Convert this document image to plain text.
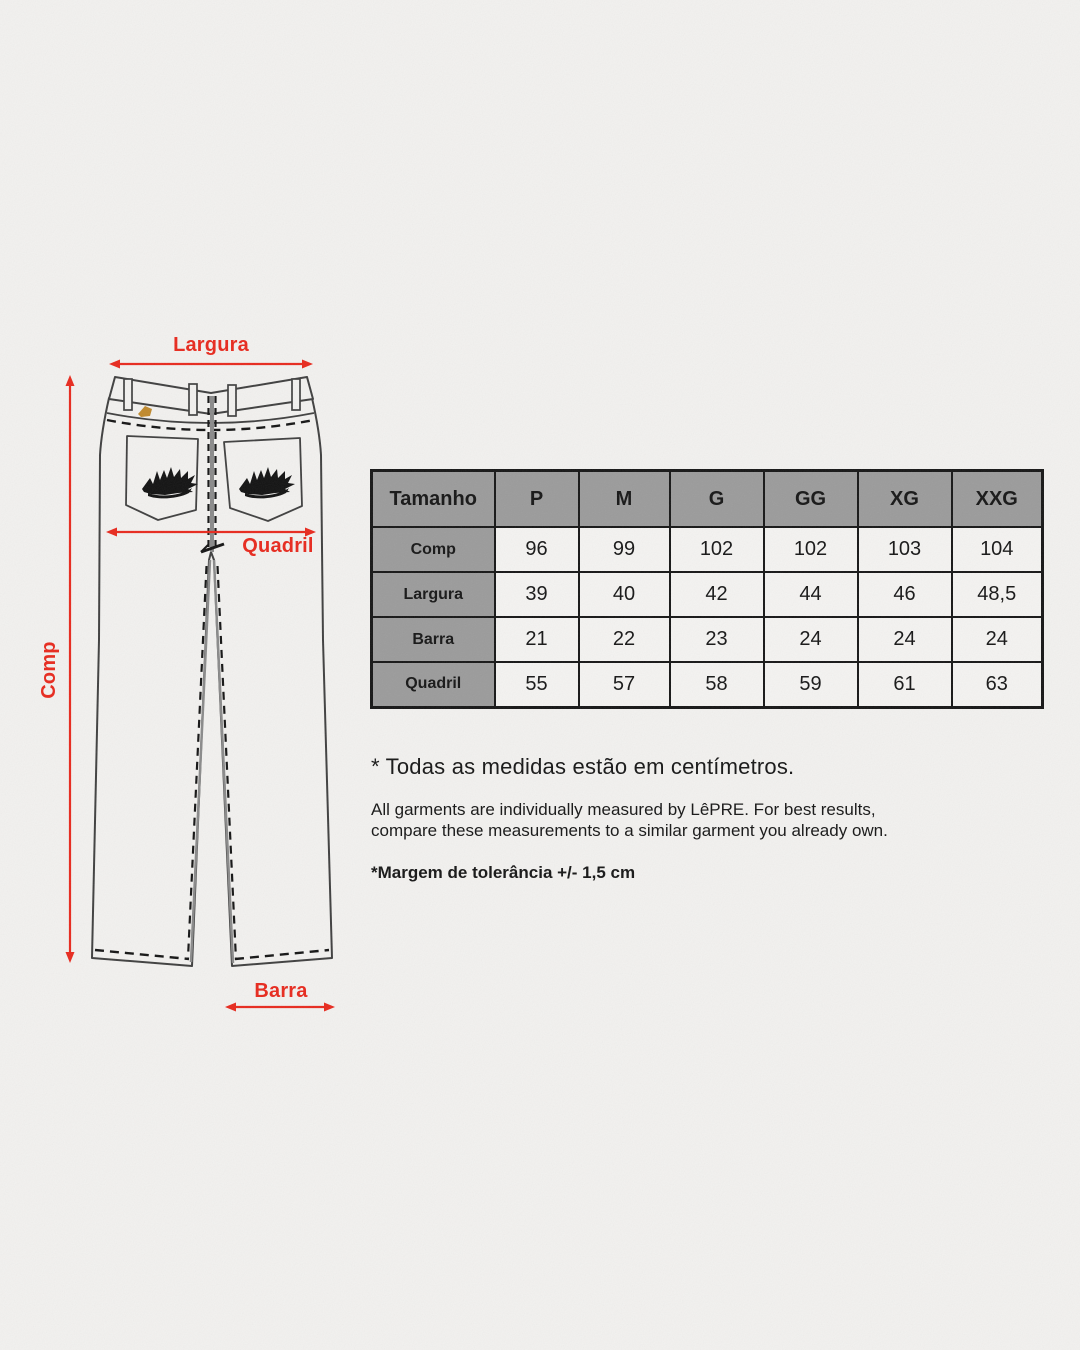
Largura
Comp
Quadril
Barra
Tamanho	P	M	G	GG	XG	XXG
Comp	96	99	102	102	103	104
Largura	39	40	42	44	46	48,5
Barra	21	22	23	24	24	24
Quadril	55	57	58	59	61	63
* Todas as medidas estão em centímetros.
All garments are individually measured by LêPRE. For best results,
compare these measurements to a similar garment you already own.
*Margem de tolerância +/- 1,5 cm
